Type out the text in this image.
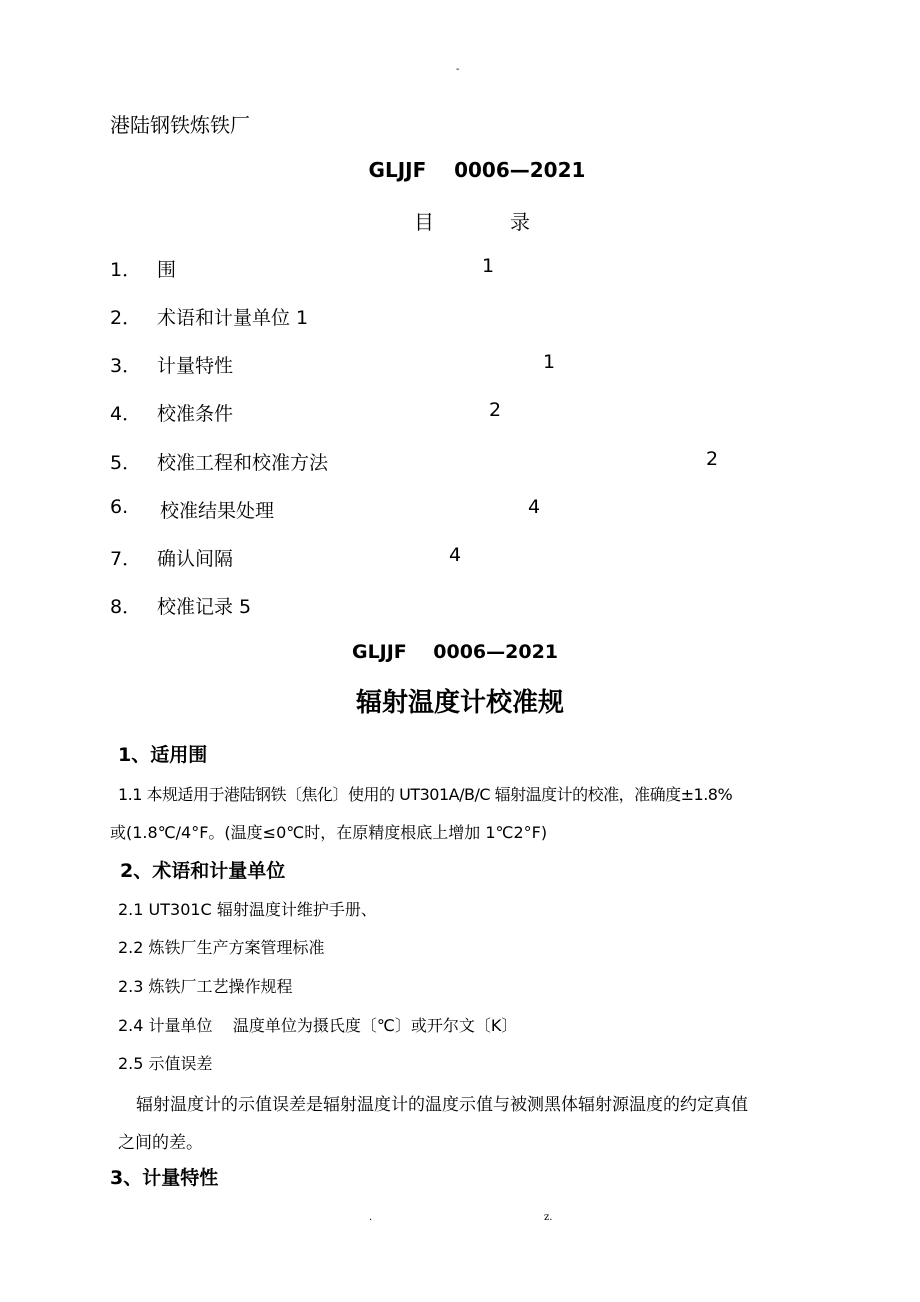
-
港陆钢铁炼铁厂
GLJJF    0006—2021
目	录
1． 围	1
2． 术语和计量单位 1
3． 计量特性	1
4． 校准条件	2
5． 校准工程和校准方法	2
6. 校准结果处理	4
7． 确认间隔	4
8． 校准记录 5
GLJJF    0006—2021
辐射温度计校准规
1、适用围
1.1 本规适用于港陆钢铁〔焦化〕使用的 UT301A/B/C 辐射温度计的校准，准确度±1.8%
或(1.8℃/4°F。(温度≤0℃时，在原精度根底上增加 1℃2°F)
2、术语和计量单位
2.1 UT301C 辐射温度计维护手册、
2.2 炼铁厂生产方案管理标准
2.3 炼铁厂工艺操作规程
2.4 计量单位    温度单位为摄氏度〔℃〕或开尔文〔K〕
2.5 示值误差
辐射温度计的示值误差是辐射温度计的温度示值与被测黑体辐射源温度的约定真值
之间的差。
3、计量特性
.	z.
